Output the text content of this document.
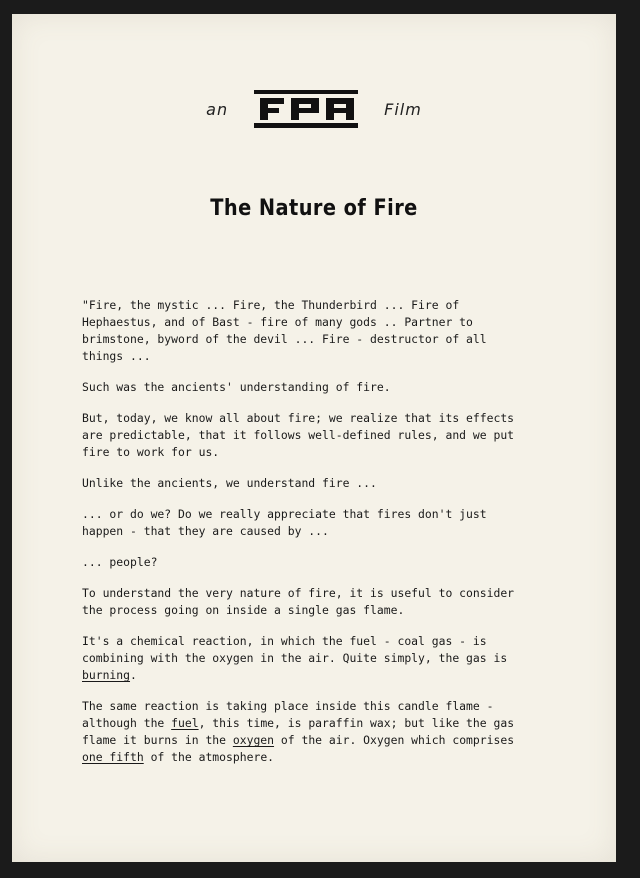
an	Film
The Nature of Fire

"Fire, the mystic ... Fire, the Thunderbird ... Fire of Hephaestus, and of Bast - fire of many gods .. Partner to brimstone, byword of the devil ... Fire - destructor of all things ...

Such was the ancients' understanding of fire.

But, today, we know all about fire; we realize that its effects are predictable, that it follows well-defined rules, and we put fire to work for us.

Unlike the ancients, we understand fire ...

... or do we? Do we really appreciate that fires don't just happen - that they are caused by ...

... people?

To understand the very nature of fire, it is useful to consider the process going on inside a single gas flame.

It's a chemical reaction, in which the fuel - coal gas - is combining with the oxygen in the air. Quite simply, the gas is burning.

The same reaction is taking place inside this candle flame - although the fuel, this time, is paraffin wax; but like the gas flame it burns in the oxygen of the air. Oxygen which comprises one fifth of the atmosphere.
